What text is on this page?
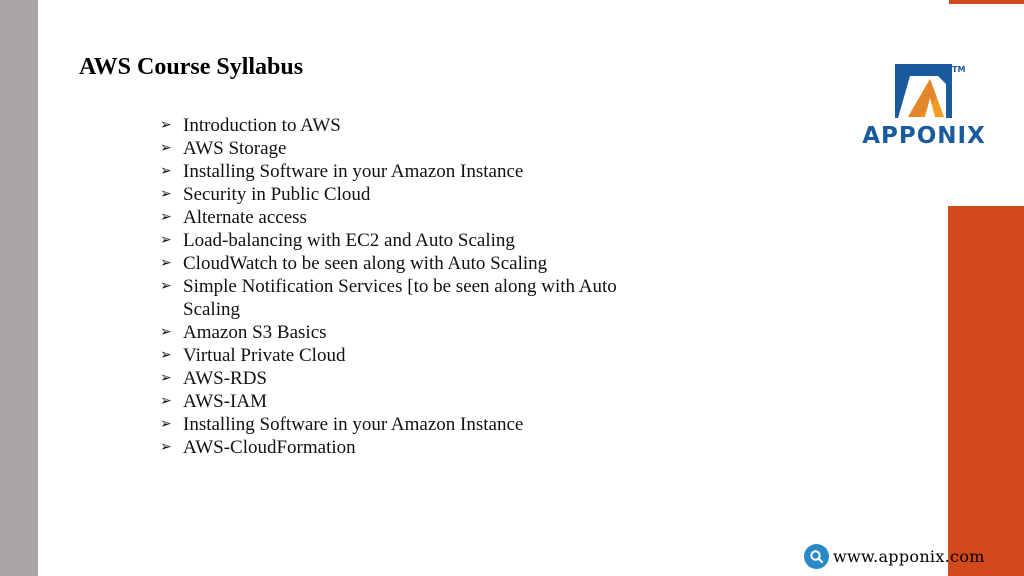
AWS Course Syllabus
➢ Introduction to AWS
➢ AWS Storage
➢ Installing Software in your Amazon Instance
➢ Security in Public Cloud
➢ Alternate access
➢ Load-balancing with EC2 and Auto Scaling
➢ CloudWatch to be seen along with Auto Scaling
➢ Simple Notification Services [to be seen along with Auto Scaling
➢ Amazon S3 Basics
➢ Virtual Private Cloud
➢ AWS-RDS
➢ AWS-IAM
➢ Installing Software in your Amazon Instance
➢ AWS-CloudFormation
TM
APPONIX
www.apponix.com
